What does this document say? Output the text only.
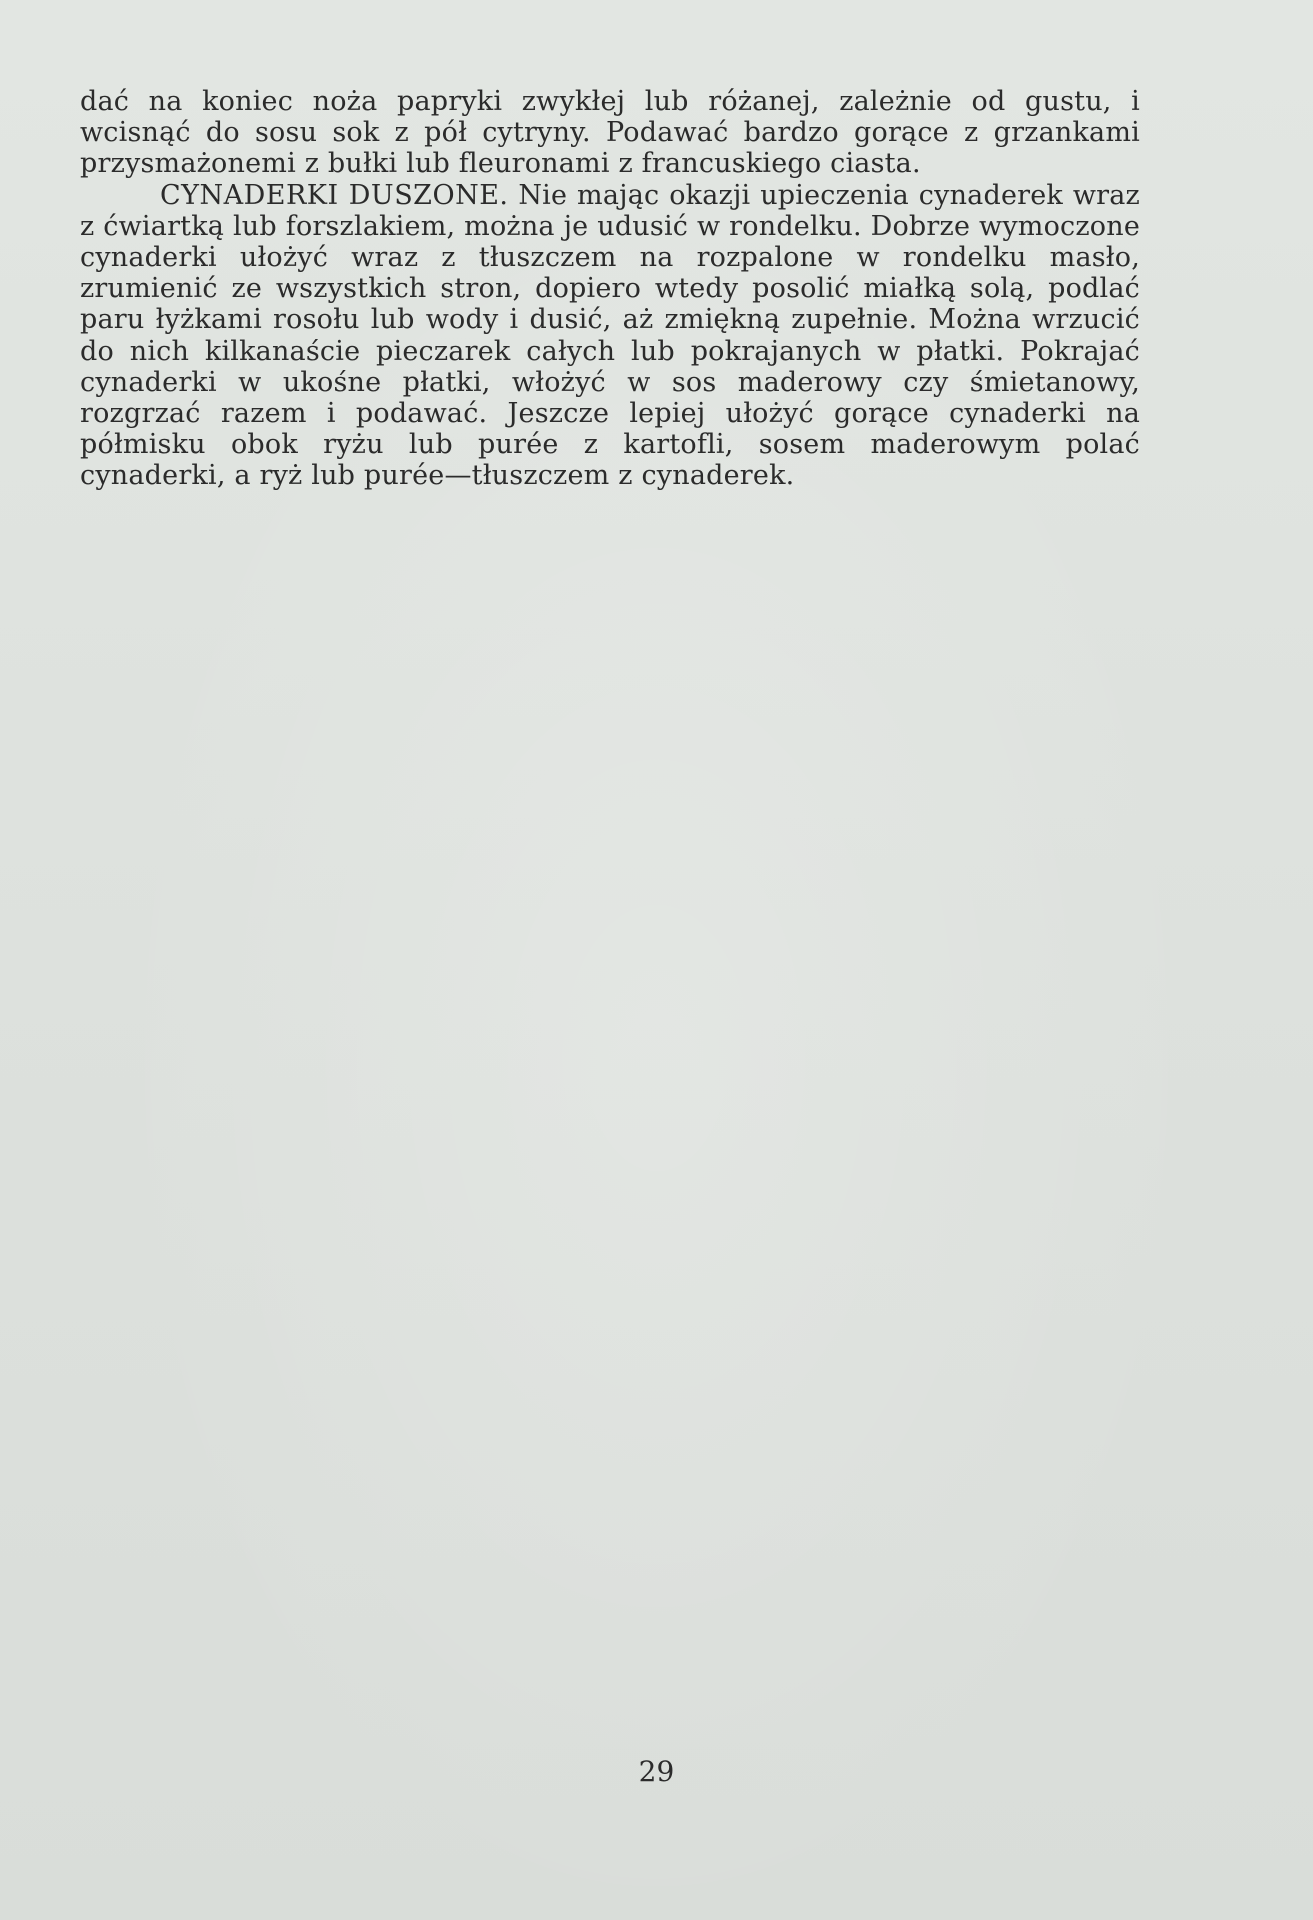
dać na koniec noża papryki zwykłej lub różanej, zależnie od gustu, i wcisnąć do sosu sok z pół cytryny. Podawać bardzo gorące z grzankami przysmażonemi z bułki lub fleuronami z francuskiego ciasta.

CYNADERKI DUSZONE. Nie mając okazji upieczenia cynaderek wraz z ćwiartką lub forszlakiem, można je udusić w rondelku. Dobrze wymoczone cynaderki ułożyć wraz z tłuszczem na rozpalone w rondelku masło, zrumienić ze wszystkich stron, dopiero wtedy posolić miałką solą, podlać paru łyżkami rosołu lub wody i dusić, aż zmiękną zupełnie. Można wrzucić do nich kilkanaście pieczarek całych lub pokrajanych w płatki. Pokrajać cynaderki w ukośne płatki, włożyć w sos maderowy czy śmietanowy, rozgrzać razem i podawać. Jeszcze lepiej ułożyć gorące cynaderki na półmisku obok ryżu lub purée z kartofli, sosem maderowym polać cynaderki, a ryż lub purée—tłuszczem z cynaderek.

29
